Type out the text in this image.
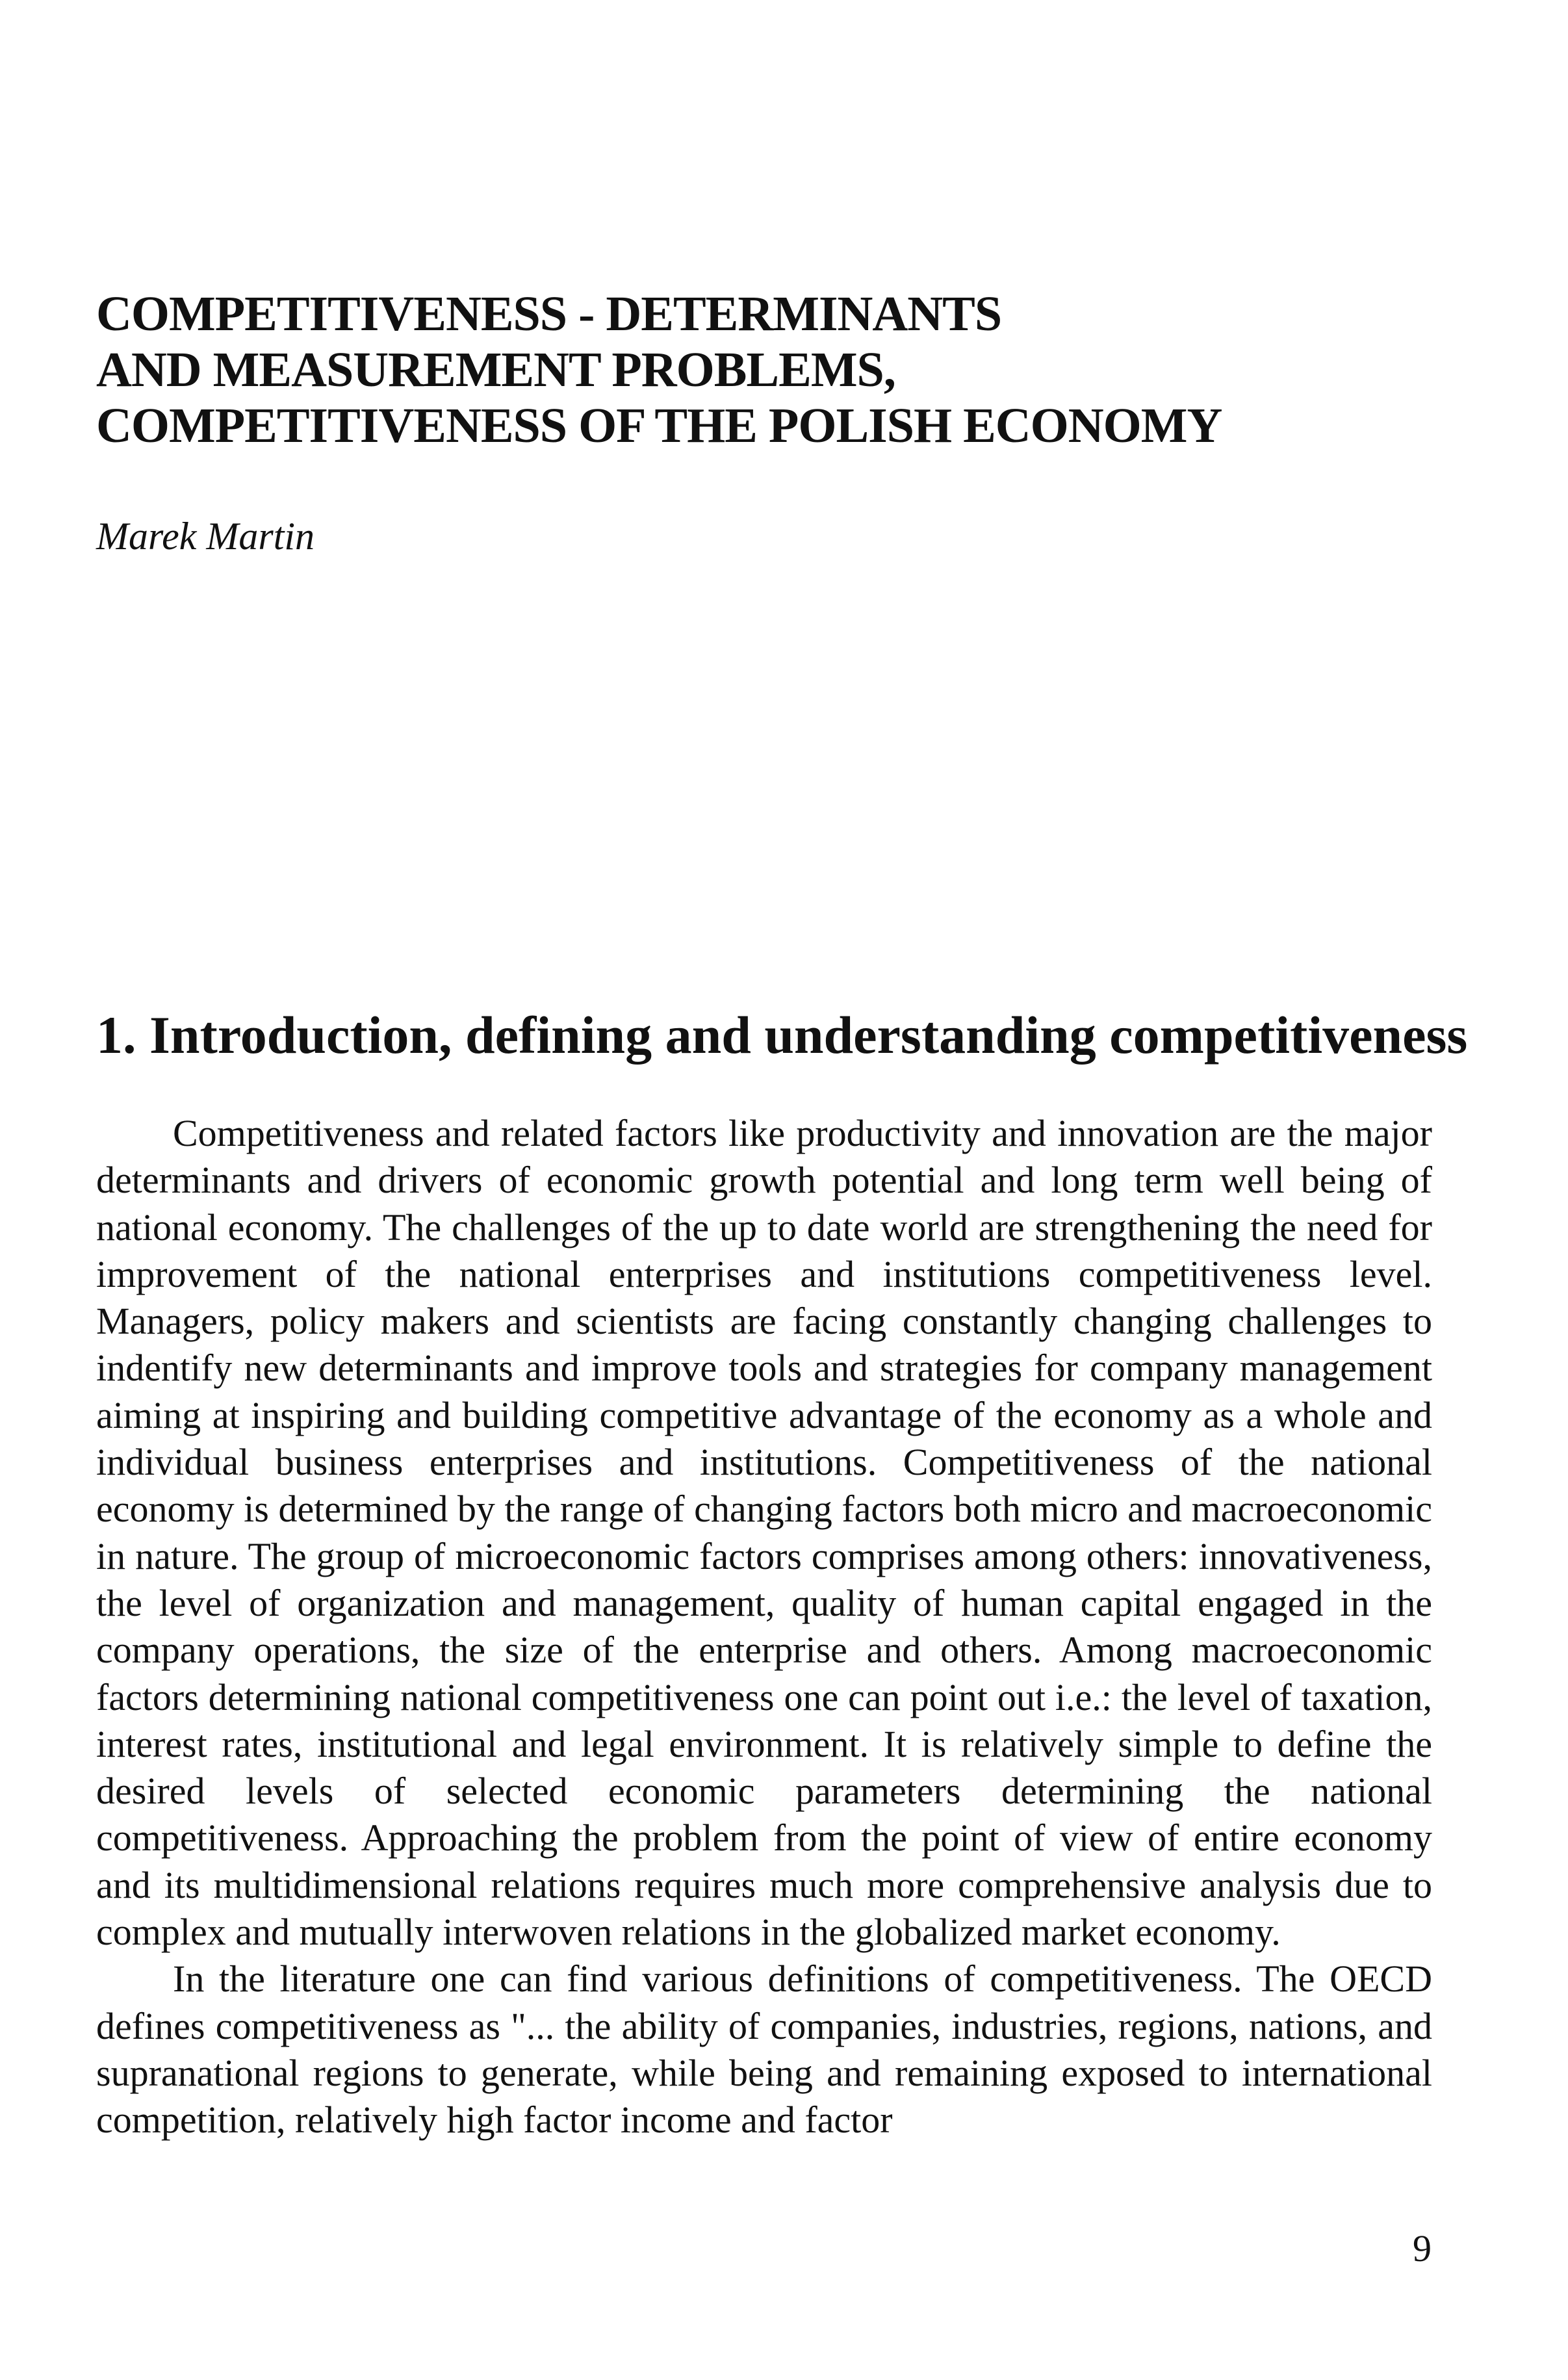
COMPETITIVENESS - DETERMINANTS
AND MEASUREMENT PROBLEMS,
COMPETITIVENESS OF THE POLISH ECONOMY
Marek Martin
1. Introduction, defining and understanding competitiveness

Competitiveness and related factors like productivity and innovation are the major determinants and drivers of economic growth potential and long term well being of national economy. The challenges of the up to date world are strengthening the need for improvement of the national enterprises and institutions competitiveness level. Managers, policy makers and scientists are facing constantly changing challenges to indentify new determinants and improve tools and strategies for company management aiming at inspiring and building competitive advantage of the economy as a whole and individual business enterprises and institutions. Competitiveness of the national economy is determined by the range of changing factors both micro and macroeconomic in nature. The group of microeconomic factors comprises among others: innovativeness, the level of organization and management, quality of human capital engaged in the company operations, the size of the enterprise and others. Among macroeconomic factors determining national competitiveness one can point out i.e.: the level of taxation, interest rates, institutional and legal environment. It is relatively simple to define the desired levels of selected economic parameters determining the national competitiveness. Approaching the problem from the point of view of entire economy and its multidimensional relations requires much more comprehensive analysis due to complex and mutually interwoven relations in the globalized market economy.

In the literature one can find various definitions of competitiveness. The OECD defines competitiveness as "... the ability of companies, industries, regions, nations, and supranational regions to generate, while being and remaining exposed to international competition, relatively high factor income and factor

9
